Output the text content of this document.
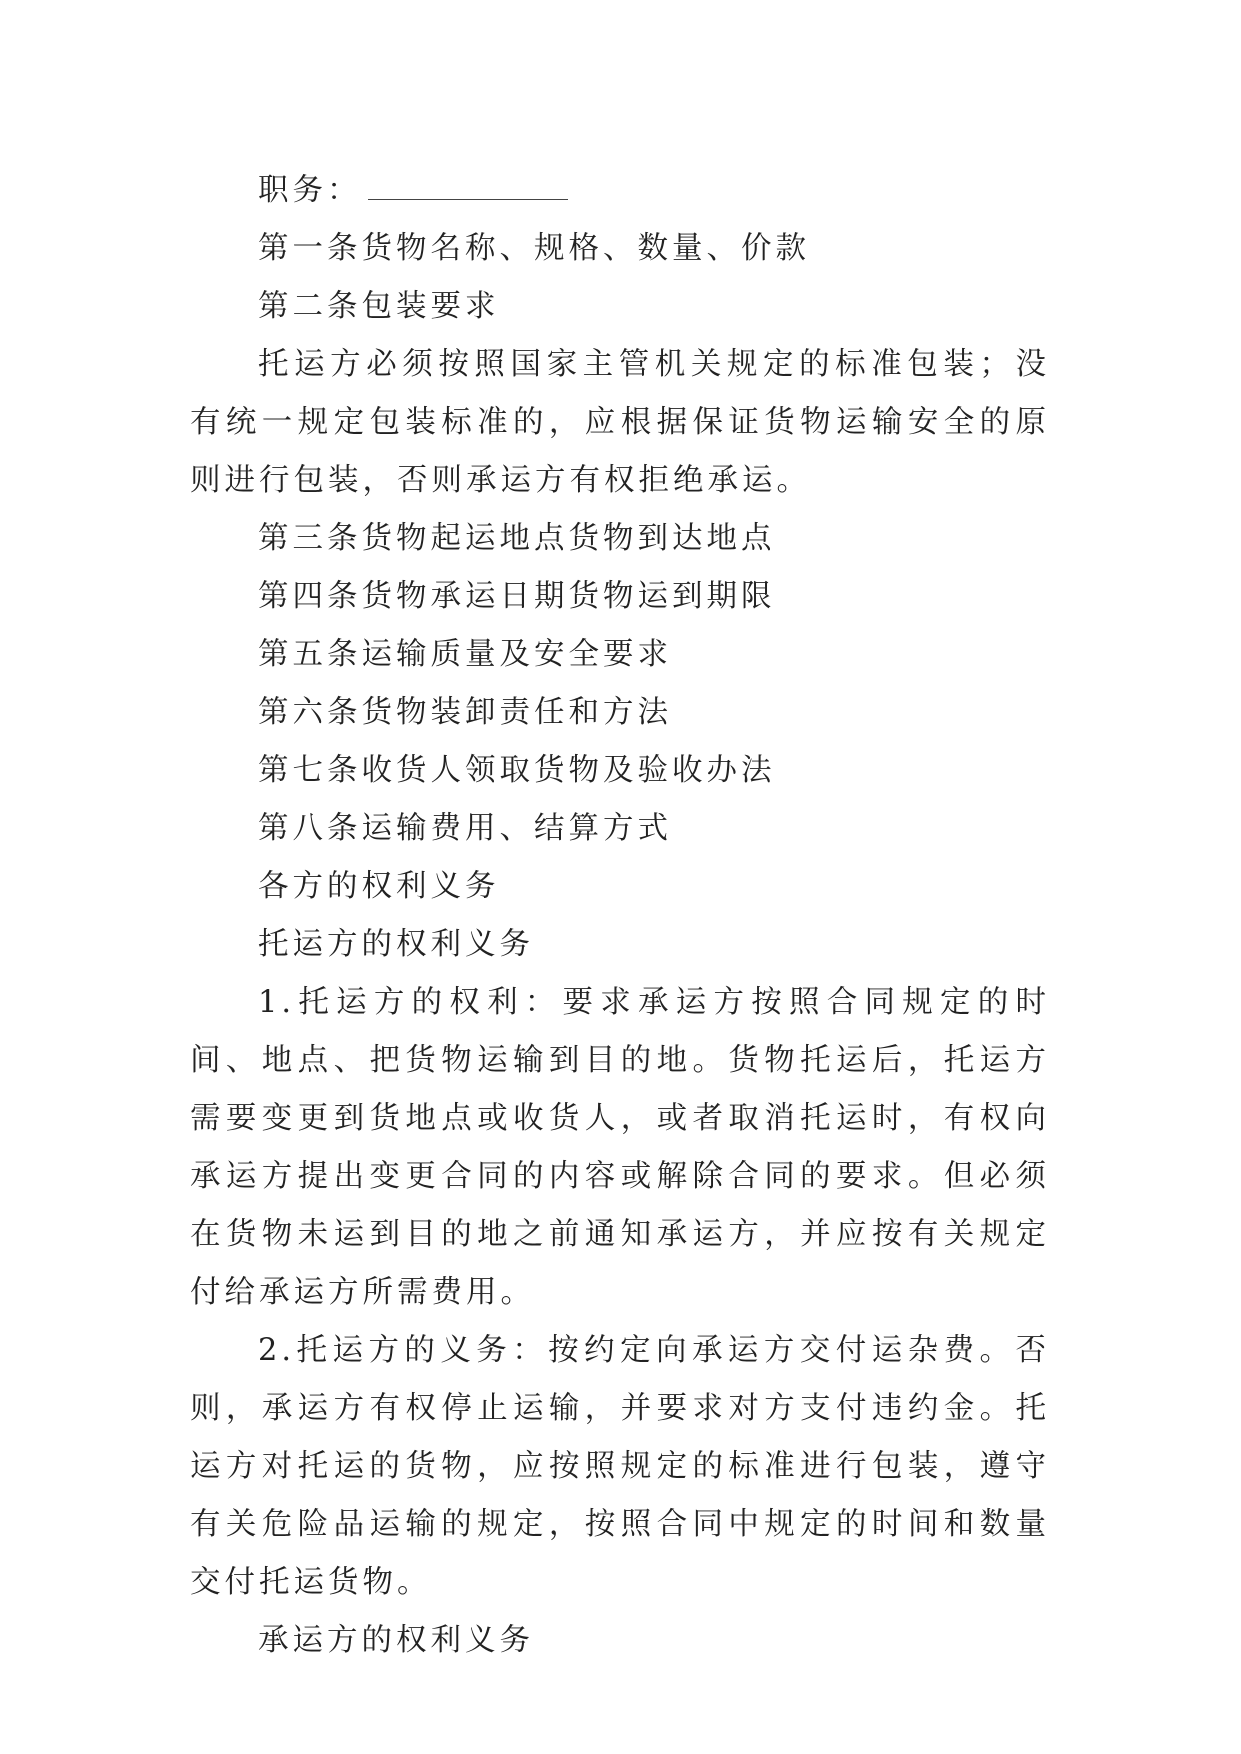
职务：

第一条货物名称、规格、数量、价款

第二条包装要求

托运方必须按照国家主管机关规定的标准包装；没有统一规定包装标准的，应根据保证货物运输安全的原则进行包装，否则承运方有权拒绝承运。

第三条货物起运地点货物到达地点

第四条货物承运日期货物运到期限

第五条运输质量及安全要求

第六条货物装卸责任和方法

第七条收货人领取货物及验收办法

第八条运输费用、结算方式

各方的权利义务

托运方的权利义务

1.托运方的权利：要求承运方按照合同规定的时间、地点、把货物运输到目的地。货物托运后，托运方需要变更到货地点或收货人，或者取消托运时，有权向承运方提出变更合同的内容或解除合同的要求。但必须在货物未运到目的地之前通知承运方，并应按有关规定付给承运方所需费用。

2.托运方的义务：按约定向承运方交付运杂费。否则，承运方有权停止运输，并要求对方支付违约金。托运方对托运的货物，应按照规定的标准进行包装，遵守有关危险品运输的规定，按照合同中规定的时间和数量交付托运货物。

承运方的权利义务
